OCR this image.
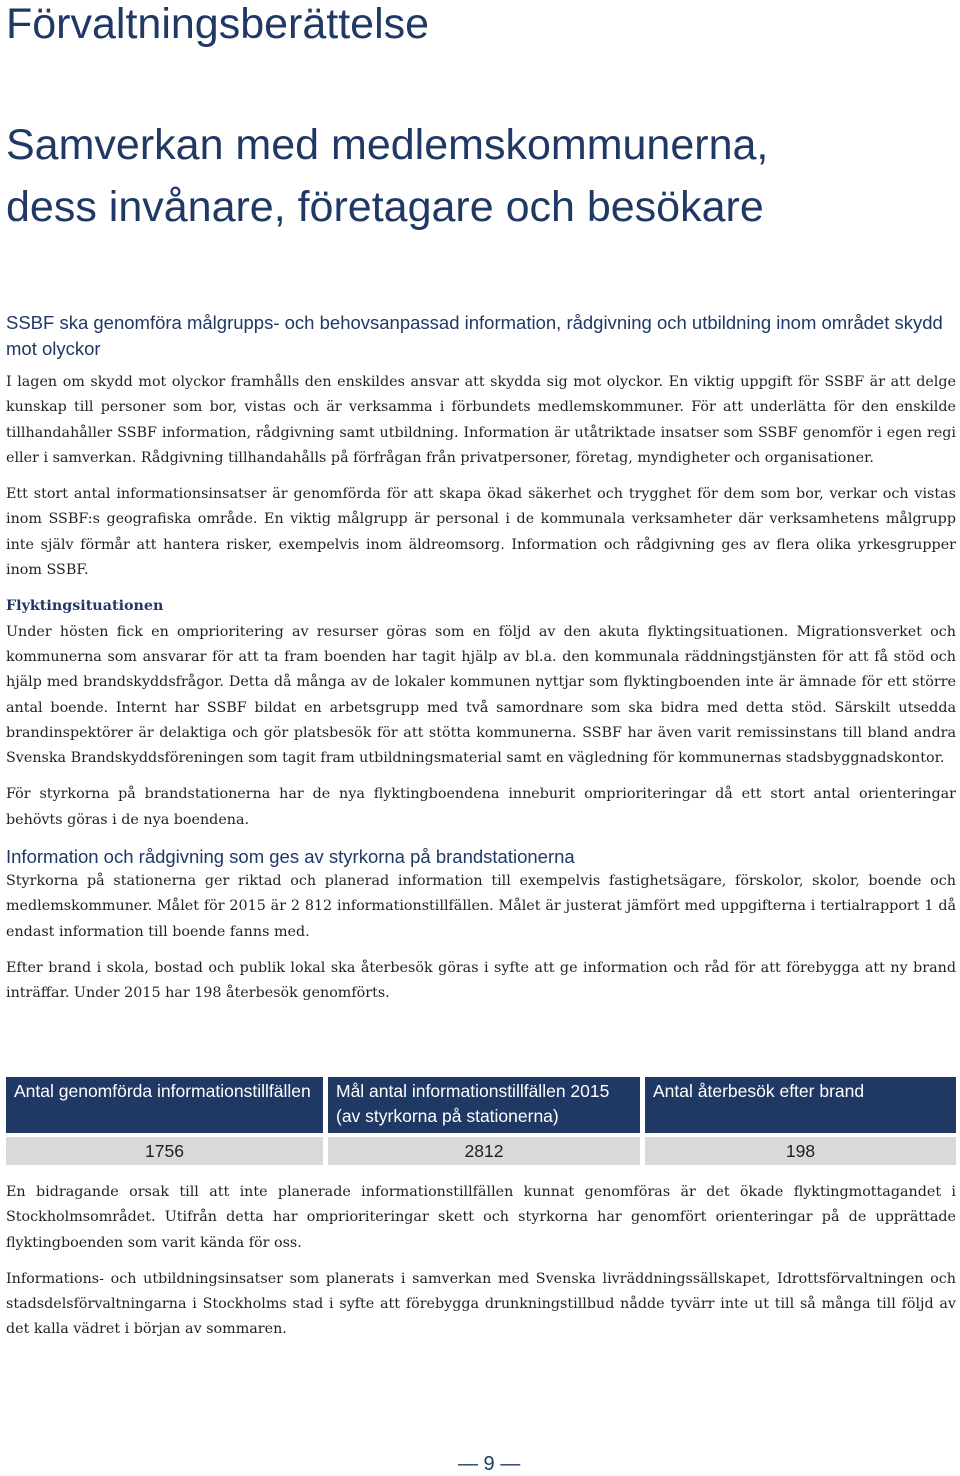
Förvaltningsberättelse
Samverkan med medlemskommunerna,
dess invånare, företagare och besökare
SSBF ska genomföra målgrupps- och behovsanpassad information, rådgivning och utbildning inom området skydd mot olyckor

I lagen om skydd mot olyckor framhålls den enskildes ansvar att skydda sig mot olyckor. En viktig uppgift för SSBF är att delge kunskap till personer som bor, vistas och är verksamma i förbundets medlemskommuner. För att underlätta för den enskilde tillhandahåller SSBF information, rådgivning samt utbildning. Information är utåtriktade insatser som SSBF genomför i egen regi eller i samverkan. Rådgivning tillhandahålls på förfrågan från privatpersoner, företag, myndigheter och organisationer.

Ett stort antal informationsinsatser är genomförda för att skapa ökad säkerhet och trygghet för dem som bor, verkar och vistas inom SSBF:s geografiska område. En viktig målgrupp är personal i de kommunala verksamheter där verksamhetens målgrupp inte själv förmår att hantera risker, exempelvis inom äldreomsorg. Information och rådgivning ges av flera olika yrkesgrupper inom SSBF.

Flyktingsituationen

Under hösten fick en omprioritering av resurser göras som en följd av den akuta flyktingsituationen. Migrationsverket och kommunerna som ansvarar för att ta fram boenden har tagit hjälp av bl.a. den kommunala räddningstjänsten för att få stöd och hjälp med brandskyddsfrågor. Detta då många av de lokaler kommunen nyttjar som flyktingboenden inte är ämnade för ett större antal boende. Internt har SSBF bildat en arbetsgrupp med två samordnare som ska bidra med detta stöd. Särskilt utsedda brandinspektörer är delaktiga och gör platsbesök för att stötta kommunerna. SSBF har även varit remissinstans till bland andra Svenska Brandskyddsföreningen som tagit fram utbildningsmaterial samt en vägledning för kommunernas stadsbyggnadskontor.

För styrkorna på brandstationerna har de nya flyktingboendena inneburit omprioriteringar då ett stort antal orienteringar behövts göras i de nya boendena.

Information och rådgivning som ges av styrkorna på brandstationerna

Styrkorna på stationerna ger riktad och planerad information till exempelvis fastighetsägare, förskolor, skolor, boende och medlemskommuner. Målet för 2015 är 2 812 informationstillfällen. Målet är justerat jämfört med uppgifterna i tertialrapport 1 då endast information till boende fanns med.

Efter brand i skola, bostad och publik lokal ska återbesök göras i syfte att ge information och råd för att förebygga att ny brand inträffar. Under 2015 har 198 återbesök genomförts.

Antal genomförda informationstillfällen	Mål antal informationstillfällen 2015 (av styrkorna på stationerna)	Antal återbesök efter brand
1756	2812	198

En bidragande orsak till att inte planerade informationstillfällen kunnat genomföras är det ökade flyktingmottagandet i Stockholmsområdet. Utifrån detta har omprioriteringar skett och styrkorna har genomfört orienteringar på de upprättade flyktingboenden som varit kända för oss.

Informations- och utbildningsinsatser som planerats i samverkan med Svenska livräddningssällskapet, Idrottsförvaltningen och stadsdelsförvaltningarna i Stockholms stad i syfte att förebygga drunkningstillbud nådde tyvärr inte ut till så många till följd av det kalla vädret i början av sommaren.

— 9 —
